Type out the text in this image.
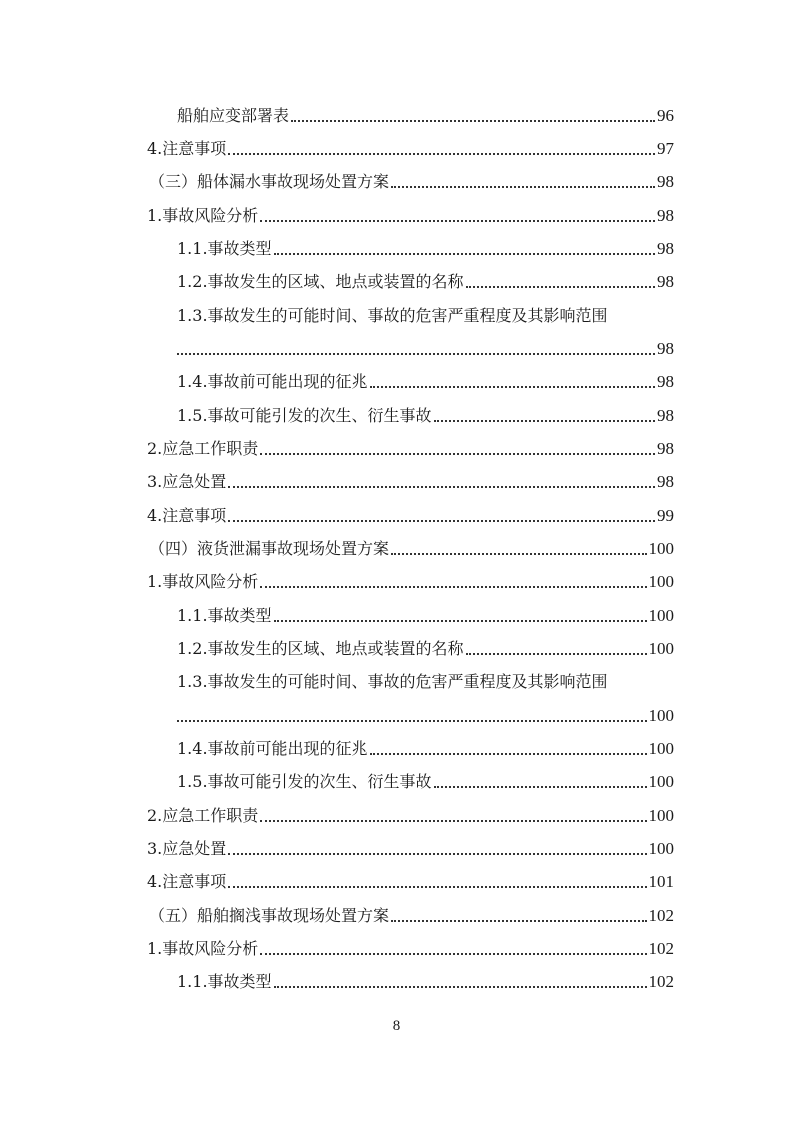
船舶应变部署表	96
4.注意事项	97
（三）船体漏水事故现场处置方案	98
1.事故风险分析	98
1.1.事故类型	98
1.2.事故发生的区域、地点或装置的名称	98
1.3.事故发生的可能时间、事故的危害严重程度及其影响范围
98
1.4.事故前可能出现的征兆	98
1.5.事故可能引发的次生、衍生事故	98
2.应急工作职责	98
3.应急处置	98
4.注意事项	99
（四）液货泄漏事故现场处置方案	100
1.事故风险分析	100
1.1.事故类型	100
1.2.事故发生的区域、地点或装置的名称	100
1.3.事故发生的可能时间、事故的危害严重程度及其影响范围
100
1.4.事故前可能出现的征兆	100
1.5.事故可能引发的次生、衍生事故	100
2.应急工作职责	100
3.应急处置	100
4.注意事项	101
（五）船舶搁浅事故现场处置方案	102
1.事故风险分析	102
1.1.事故类型	102
8
